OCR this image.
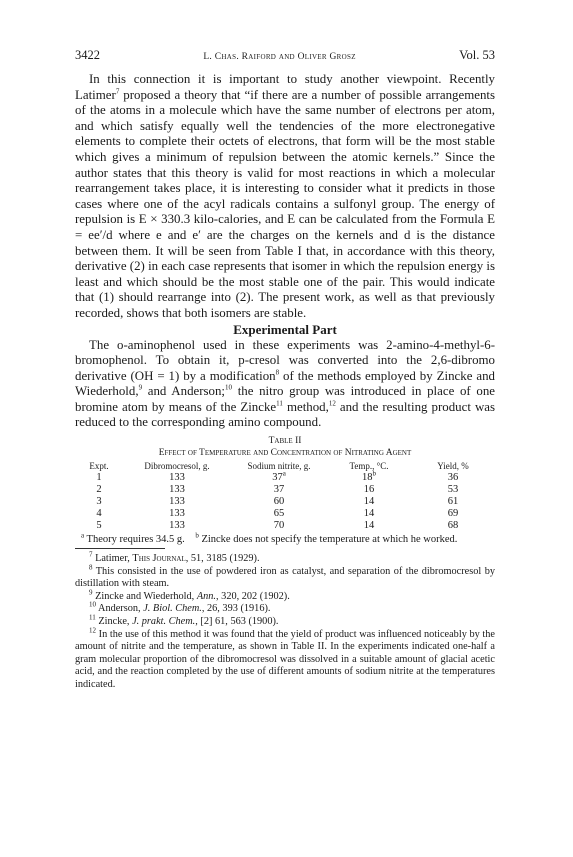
3422	L. Chas. Raiford and Oliver Grosz	Vol. 53

In this connection it is important to study another viewpoint. Recently Latimer$^7$ proposed a theory that “if there are a number of possible arrangements of the atoms in a molecule which have the same number of electrons per atom, and which satisfy equally well the tendencies of the more electronegative elements to complete their octets of electrons, that form will be the most stable which gives a minimum of repulsion between the atomic kernels.” Since the author states that this theory is valid for most reactions in which a molecular rearrangement takes place, it is interesting to consider what it predicts in those cases where one of the acyl radicals contains a sulfonyl group. The energy of repulsion is E × 330.3 kilo-calories, and E can be calculated from the Formula E = ee′/d where e and e′ are the charges on the kernels and d is the distance between them. It will be seen from Table I that, in accordance with this theory, derivative (2) in each case represents that isomer in which the repulsion energy is least and which should be the most stable one of the pair. This would indicate that (1) should rearrange into (2). The present work, as well as that previously recorded, shows that both isomers are stable.

Experimental Part

The o-aminophenol used in these experiments was 2-amino-4-methyl-6-bromophenol. To obtain it, p-cresol was converted into the 2,6-dibromo derivative (OH = 1) by a modification$^8$ of the methods employed by Zincke and Wiederhold,$^9$ and Anderson;$^{10}$ the nitro group was introduced in place of one bromine atom by means of the Zincke$^{11}$ method,$^{12}$ and the resulting product was reduced to the corresponding amino compound.

Table II
Effect of Temperature and Concentration of Nitrating Agent
Expt.	Dibromocresol, g.	Sodium nitrite, g.	Temp., °C.	Yield, %
1	133	37$^a$	18$^b$	36
2	133	37	16	53
3	133	60	14	61
4	133	65	14	69
5	133	70	14	68
$^a$ Theory requires 34.5 g. $^b$ Zincke does not specify the temperature at which he worked.

$^7$ Latimer, This Journal, 51, 3185 (1929).

$^8$ This consisted in the use of powdered iron as catalyst, and separation of the dibromocresol by distillation with steam.

$^9$ Zincke and Wiederhold, Ann., 320, 202 (1902).

$^{10}$ Anderson, J. Biol. Chem., 26, 393 (1916).

$^{11}$ Zincke, J. prakt. Chem., [2] 61, 563 (1900).

$^{12}$ In the use of this method it was found that the yield of product was influenced noticeably by the amount of nitrite and the temperature, as shown in Table II. In the experiments indicated one-half a gram molecular proportion of the dibromocresol was dissolved in a suitable amount of glacial acetic acid, and the reaction completed by the use of different amounts of sodium nitrite at the temperatures indicated.
